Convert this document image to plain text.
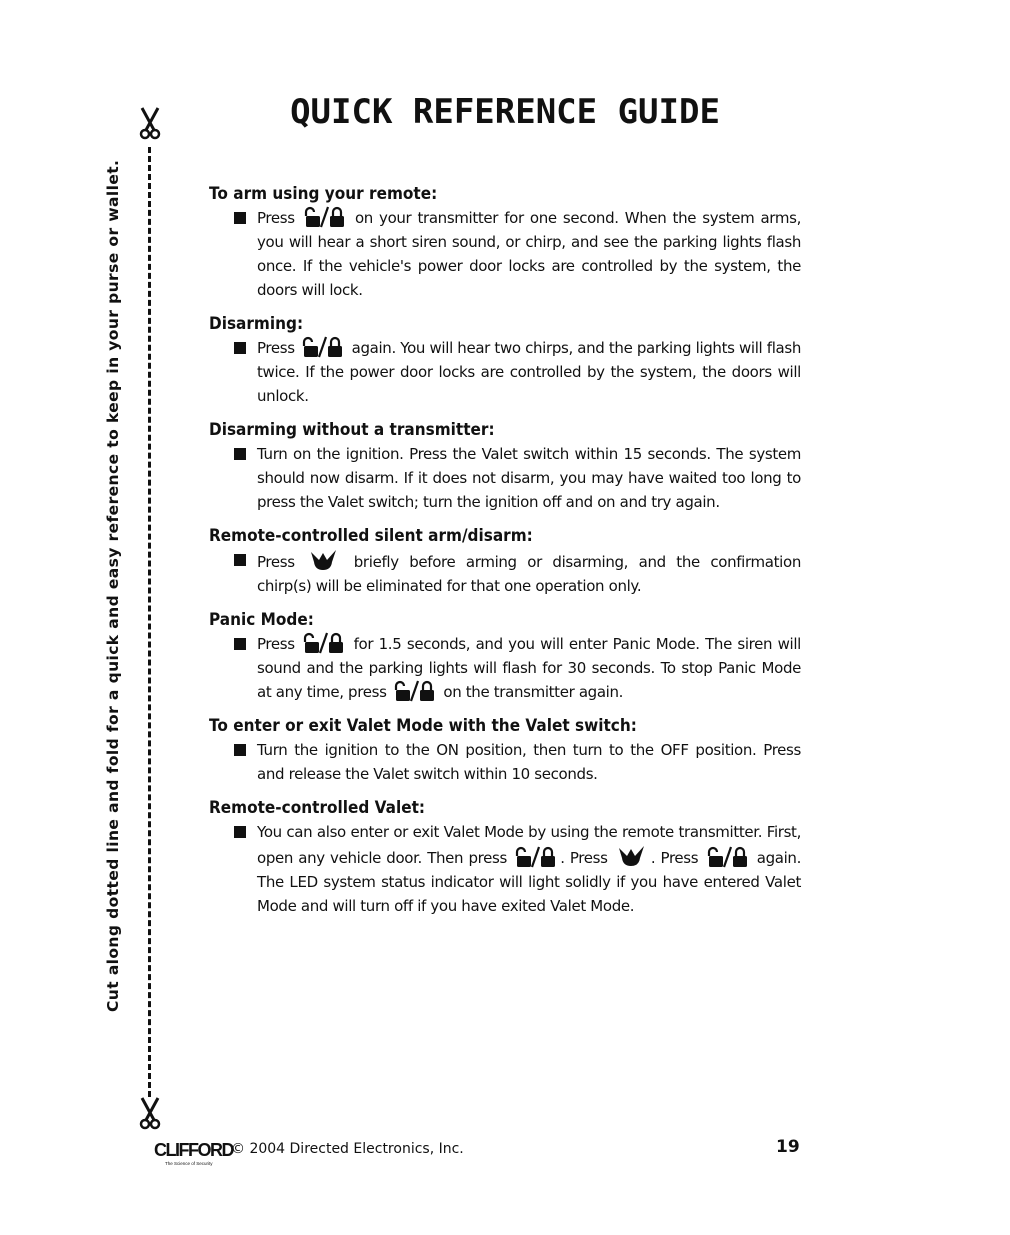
Cut along dotted line and fold for a quick and easy reference to keep in your purse or wallet.
QUICK REFERENCE GUIDE

To arm using your remote:

Press	on your transmitter for one second. When the system arms, you will hear a short siren sound, or chirp, and see the parking lights flash once. If the vehicle's power door locks are controlled by the system, the doors will lock.

Disarming:

Press	again. You will hear two chirps, and the parking lights will flash twice. If the power door locks are controlled by the system, the doors will unlock.

Disarming without a transmitter:

Turn on the ignition. Press the Valet switch within 15 seconds. The system should now disarm. If it does not disarm, you may have waited too long to press the Valet switch; turn the ignition off and on and try again.

Remote-controlled silent arm/disarm:

Press	briefly before arming or disarming, and the confirmation chirp(s) will be eliminated for that one operation only.

Panic Mode:

Press	for 1.5 seconds, and you will enter Panic Mode. The siren will sound and the parking lights will flash for 30 seconds. To stop Panic Mode at any time, press	on the transmitter again.

To enter or exit Valet Mode with the Valet switch:

Turn the ignition to the ON position, then turn to the OFF position. Press and release the Valet switch within 10 seconds.

Remote-controlled Valet:

You can also enter or exit Valet Mode by using the remote transmitter. First, open any vehicle door. Then press	. Press	. Press	again. The LED system status indicator will light solidly if you have entered Valet Mode and will turn off if you have exited Valet Mode.

CLIFFORD
The Science of Security
© 2004 Directed Electronics, Inc.	19
